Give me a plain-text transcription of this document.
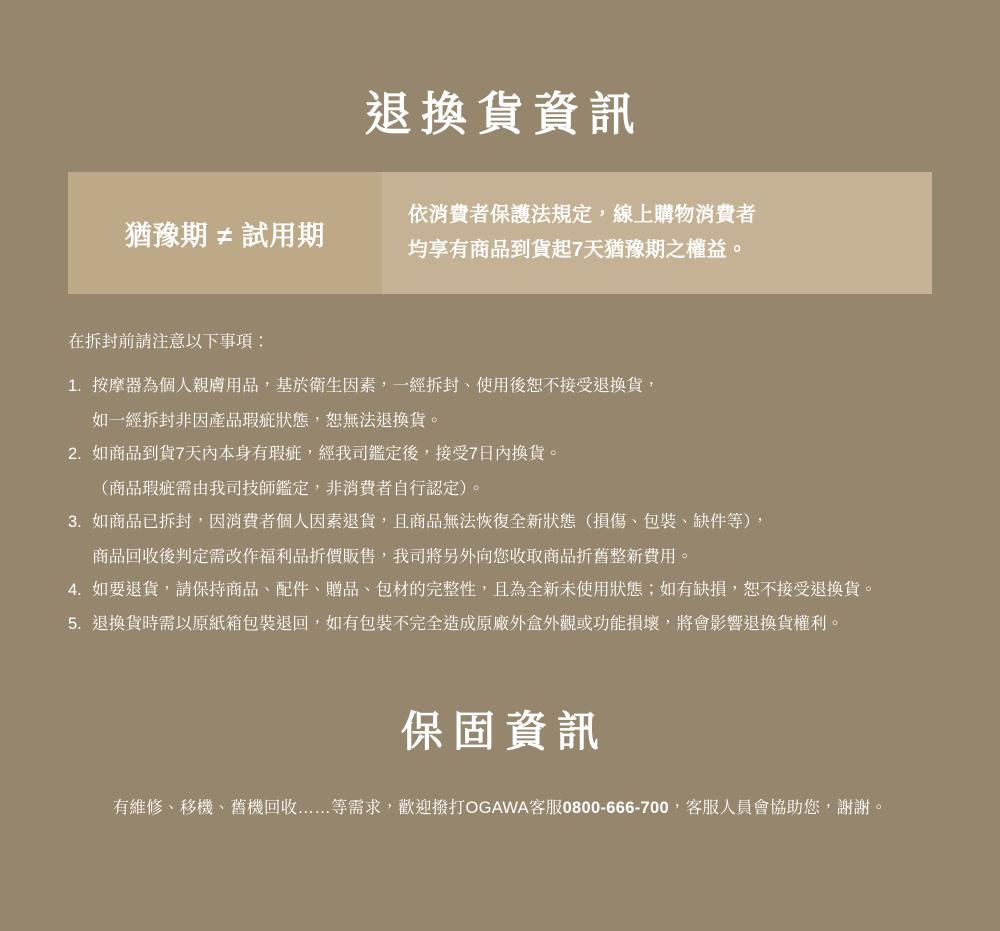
退換貨資訊
猶豫期 ≠ 試用期
依消費者保護法規定，線上購物消費者
均享有商品到貨起7天猶豫期之權益。
在拆封前請注意以下事項：
1. 按摩器為個人親膚用品，基於衛生因素，一經拆封、使用後恕不接受退換貨，
如一經拆封非因產品瑕疵狀態，恕無法退換貨。
2. 如商品到貨7天內本身有瑕疵，經我司鑑定後，接受7日內換貨。
（商品瑕疵需由我司技師鑑定，非消費者自行認定）。
3. 如商品已拆封，因消費者個人因素退貨，且商品無法恢復全新狀態（損傷、包裝、缺件等），
商品回收後判定需改作福利品折價販售，我司將另外向您收取商品折舊整新費用。
4. 如要退貨，請保持商品、配件、贈品、包材的完整性，且為全新未使用狀態；如有缺損，恕不接受退換貨。
5. 退換貨時需以原紙箱包裝退回，如有包裝不完全造成原廠外盒外觀或功能損壞，將會影響退換貨權利。
保固資訊
有維修、移機、舊機回收……等需求，歡迎撥打OGAWA客服0800-666-700，客服人員會協助您，謝謝。
